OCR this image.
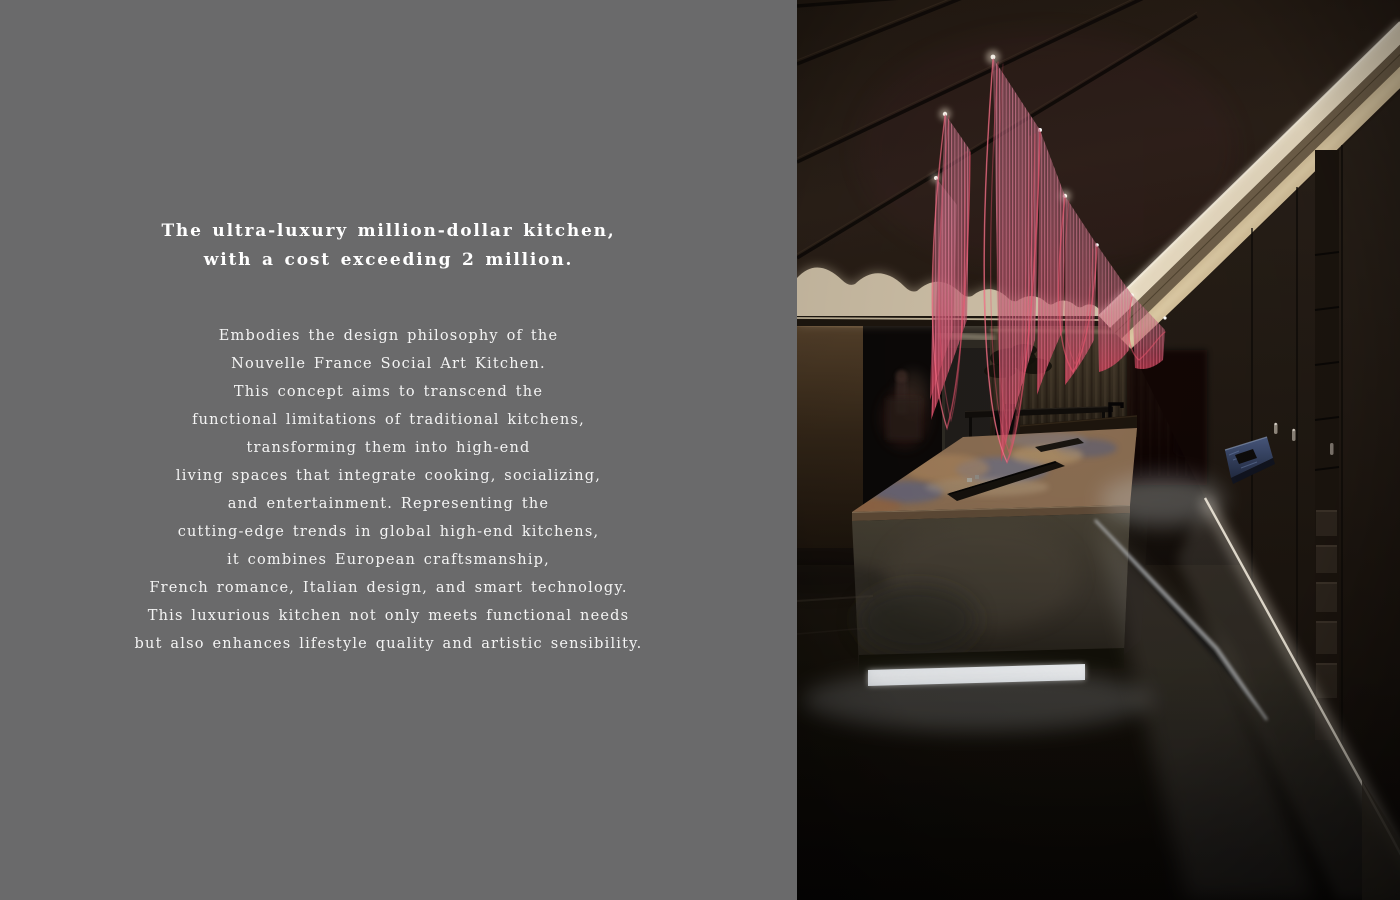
The ultra-luxury million-dollar kitchen,
with a cost exceeding 2 million.
Embodies the design philosophy of the
Nouvelle France Social Art Kitchen.
This concept aims to transcend the
functional limitations of traditional kitchens,
transforming them into high-end
living spaces that integrate cooking, socializing,
and entertainment. Representing the
cutting-edge trends in global high-end kitchens,
it combines European craftsmanship,
French romance, Italian design, and smart technology.
This luxurious kitchen not only meets functional needs
but also enhances lifestyle quality and artistic sensibility.
